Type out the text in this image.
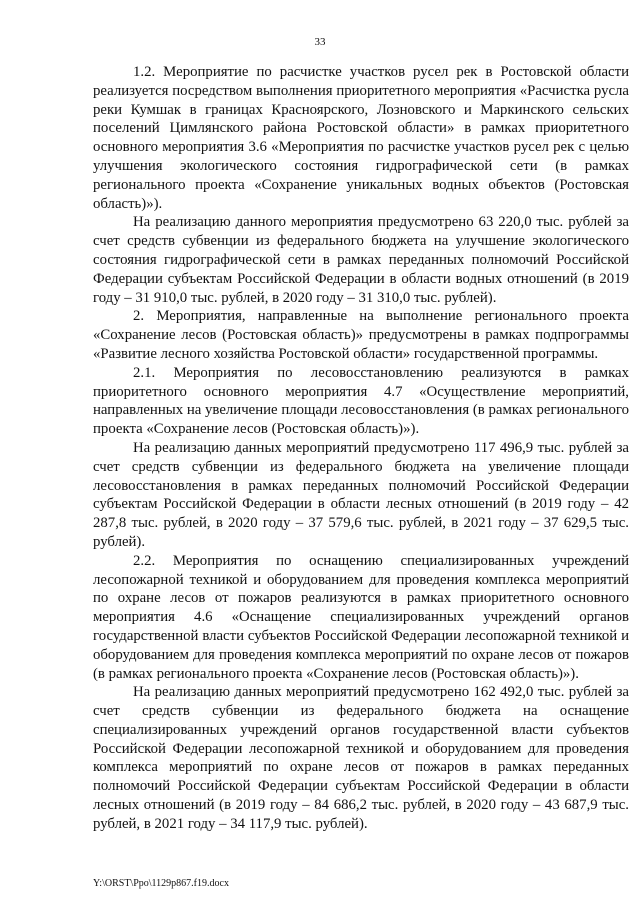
33

1.2. Мероприятие по расчистке участков русел рек в Ростовской области реализуется посредством выполнения приоритетного мероприятия «Расчистка русла реки Кумшак в границах Красноярского, Лозновского и Маркинского сельских поселений Цимлянского района Ростовской области» в рамках приоритетного основного мероприятия 3.6 «Мероприятия по расчистке участков русел рек с целью улучшения экологического состояния гидрографической сети (в рамках регионального проекта «Сохранение уникальных водных объектов (Ростовская область)»).

На реализацию данного мероприятия предусмотрено 63 220,0 тыс. рублей за счет средств субвенции из федерального бюджета на улучшение экологического состояния гидрографической сети в рамках переданных полномочий Российской Федерации субъектам Российской Федерации в области водных отношений (в 2019 году – 31 910,0 тыс. рублей, в 2020 году – 31 310,0 тыс. рублей).

2. Мероприятия, направленные на выполнение регионального проекта «Сохранение лесов (Ростовская область)» предусмотрены в рамках подпрограммы «Развитие лесного хозяйства Ростовской области» государственной программы.

2.1. Мероприятия по лесовосстановлению реализуются в рамках приоритетного основного мероприятия 4.7 «Осуществление мероприятий, направленных на увеличение площади лесовосстановления (в рамках регионального проекта «Сохранение лесов (Ростовская область)»).

На реализацию данных мероприятий предусмотрено 117 496,9 тыс. рублей за счет средств субвенции из федерального бюджета на увеличение площади лесовосстановления в рамках переданных полномочий Российской Федерации субъектам Российской Федерации в области лесных отношений (в 2019 году – 42 287,8 тыс. рублей, в 2020 году – 37 579,6 тыс. рублей, в 2021 году – 37 629,5 тыс. рублей).

2.2. Мероприятия по оснащению специализированных учреждений лесопожарной техникой и оборудованием для проведения комплекса мероприятий по охране лесов от пожаров реализуются в рамках приоритетного основного мероприятия 4.6 «Оснащение специализированных учреждений органов государственной власти субъектов Российской Федерации лесопожарной техникой и оборудованием для проведения комплекса мероприятий по охране лесов от пожаров (в рамках регионального проекта «Сохранение лесов (Ростовская область)»).

На реализацию данных мероприятий предусмотрено 162 492,0 тыс. рублей за счет средств субвенции из федерального бюджета на оснащение специализированных учреждений органов государственной власти субъектов Российской Федерации лесопожарной техникой и оборудованием для проведения комплекса мероприятий по охране лесов от пожаров в рамках переданных полномочий Российской Федерации субъектам Российской Федерации в области лесных отношений (в 2019 году – 84 686,2 тыс. рублей, в 2020 году – 43 687,9 тыс. рублей, в 2021 году – 34 117,9 тыс. рублей).

Y:\ORST\Ppo\1129p867.f19.docx
